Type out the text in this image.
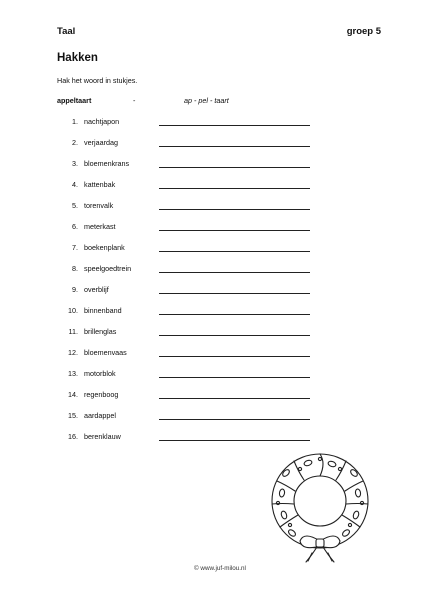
Taal	groep 5
Hakken
Hak het woord in stukjes.
appeltaart	-	ap - pel - taart
1. nachtjapon
2. verjaardag
3. bloemenkrans
4. kattenbak
5. torenvalk
6. meterkast
7. boekenplank
8. speelgoedtrein
9. overblijf
10. binnenband
11. brillenglas
12. bloemenvaas
13. motorblok
14. regenboog
15. aardappel
16. berenklauw
© www.juf-milou.nl
